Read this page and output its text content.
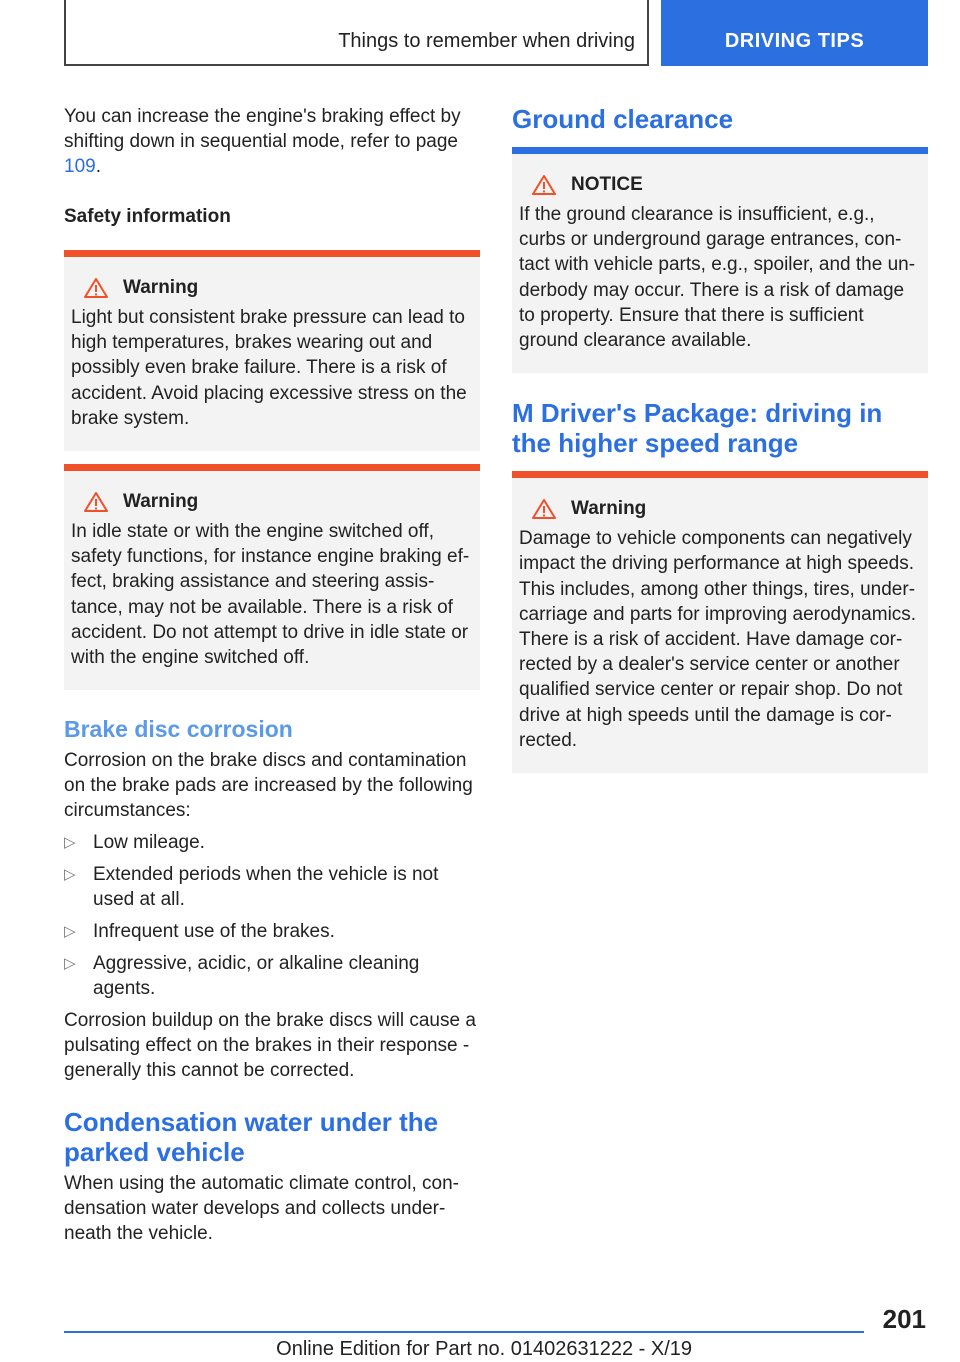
Things to remember when driving	DRIVING TIPS

You can increase the engine's braking effect by shifting down in sequential mode, refer to page 109.

Safety information
Warning

Light but consistent brake pressure can lead to high temperatures, brakes wearing out and possibly even brake failure. There is a risk of accident. Avoid placing excessive stress on the brake system.

Warning

In idle state or with the engine switched off, safety functions, for instance engine braking effect, braking assistance and steering assistance, may not be available. There is a risk of accident. Do not attempt to drive in idle state or with the engine switched off.

Brake disc corrosion

Corrosion on the brake discs and contamination on the brake pads are increased by the following circumstances:

▷ Low mileage.
▷ Extended periods when the vehicle is not used at all.
▷ Infrequent use of the brakes.
▷ Aggressive, acidic, or alkaline cleaning agents.

Corrosion buildup on the brake discs will cause a pulsating effect on the brakes in their response - generally this cannot be corrected.

Condensation water under the parked vehicle

When using the automatic climate control, condensation water develops and collects underneath the vehicle.

Ground clearance
NOTICE

If the ground clearance is insufficient, e.g., curbs or underground garage entrances, contact with vehicle parts, e.g., spoiler, and the underbody may occur. There is a risk of damage to property. Ensure that there is sufficient ground clearance available.

M Driver's Package: driving in the higher speed range
Warning

Damage to vehicle components can negatively impact the driving performance at high speeds. This includes, among other things, tires, undercarriage and parts for improving aerodynamics. There is a risk of accident. Have damage corrected by a dealer's service center or another qualified service center or repair shop. Do not drive at high speeds until the damage is corrected.

201
Online Edition for Part no. 01402631222 - X/19
